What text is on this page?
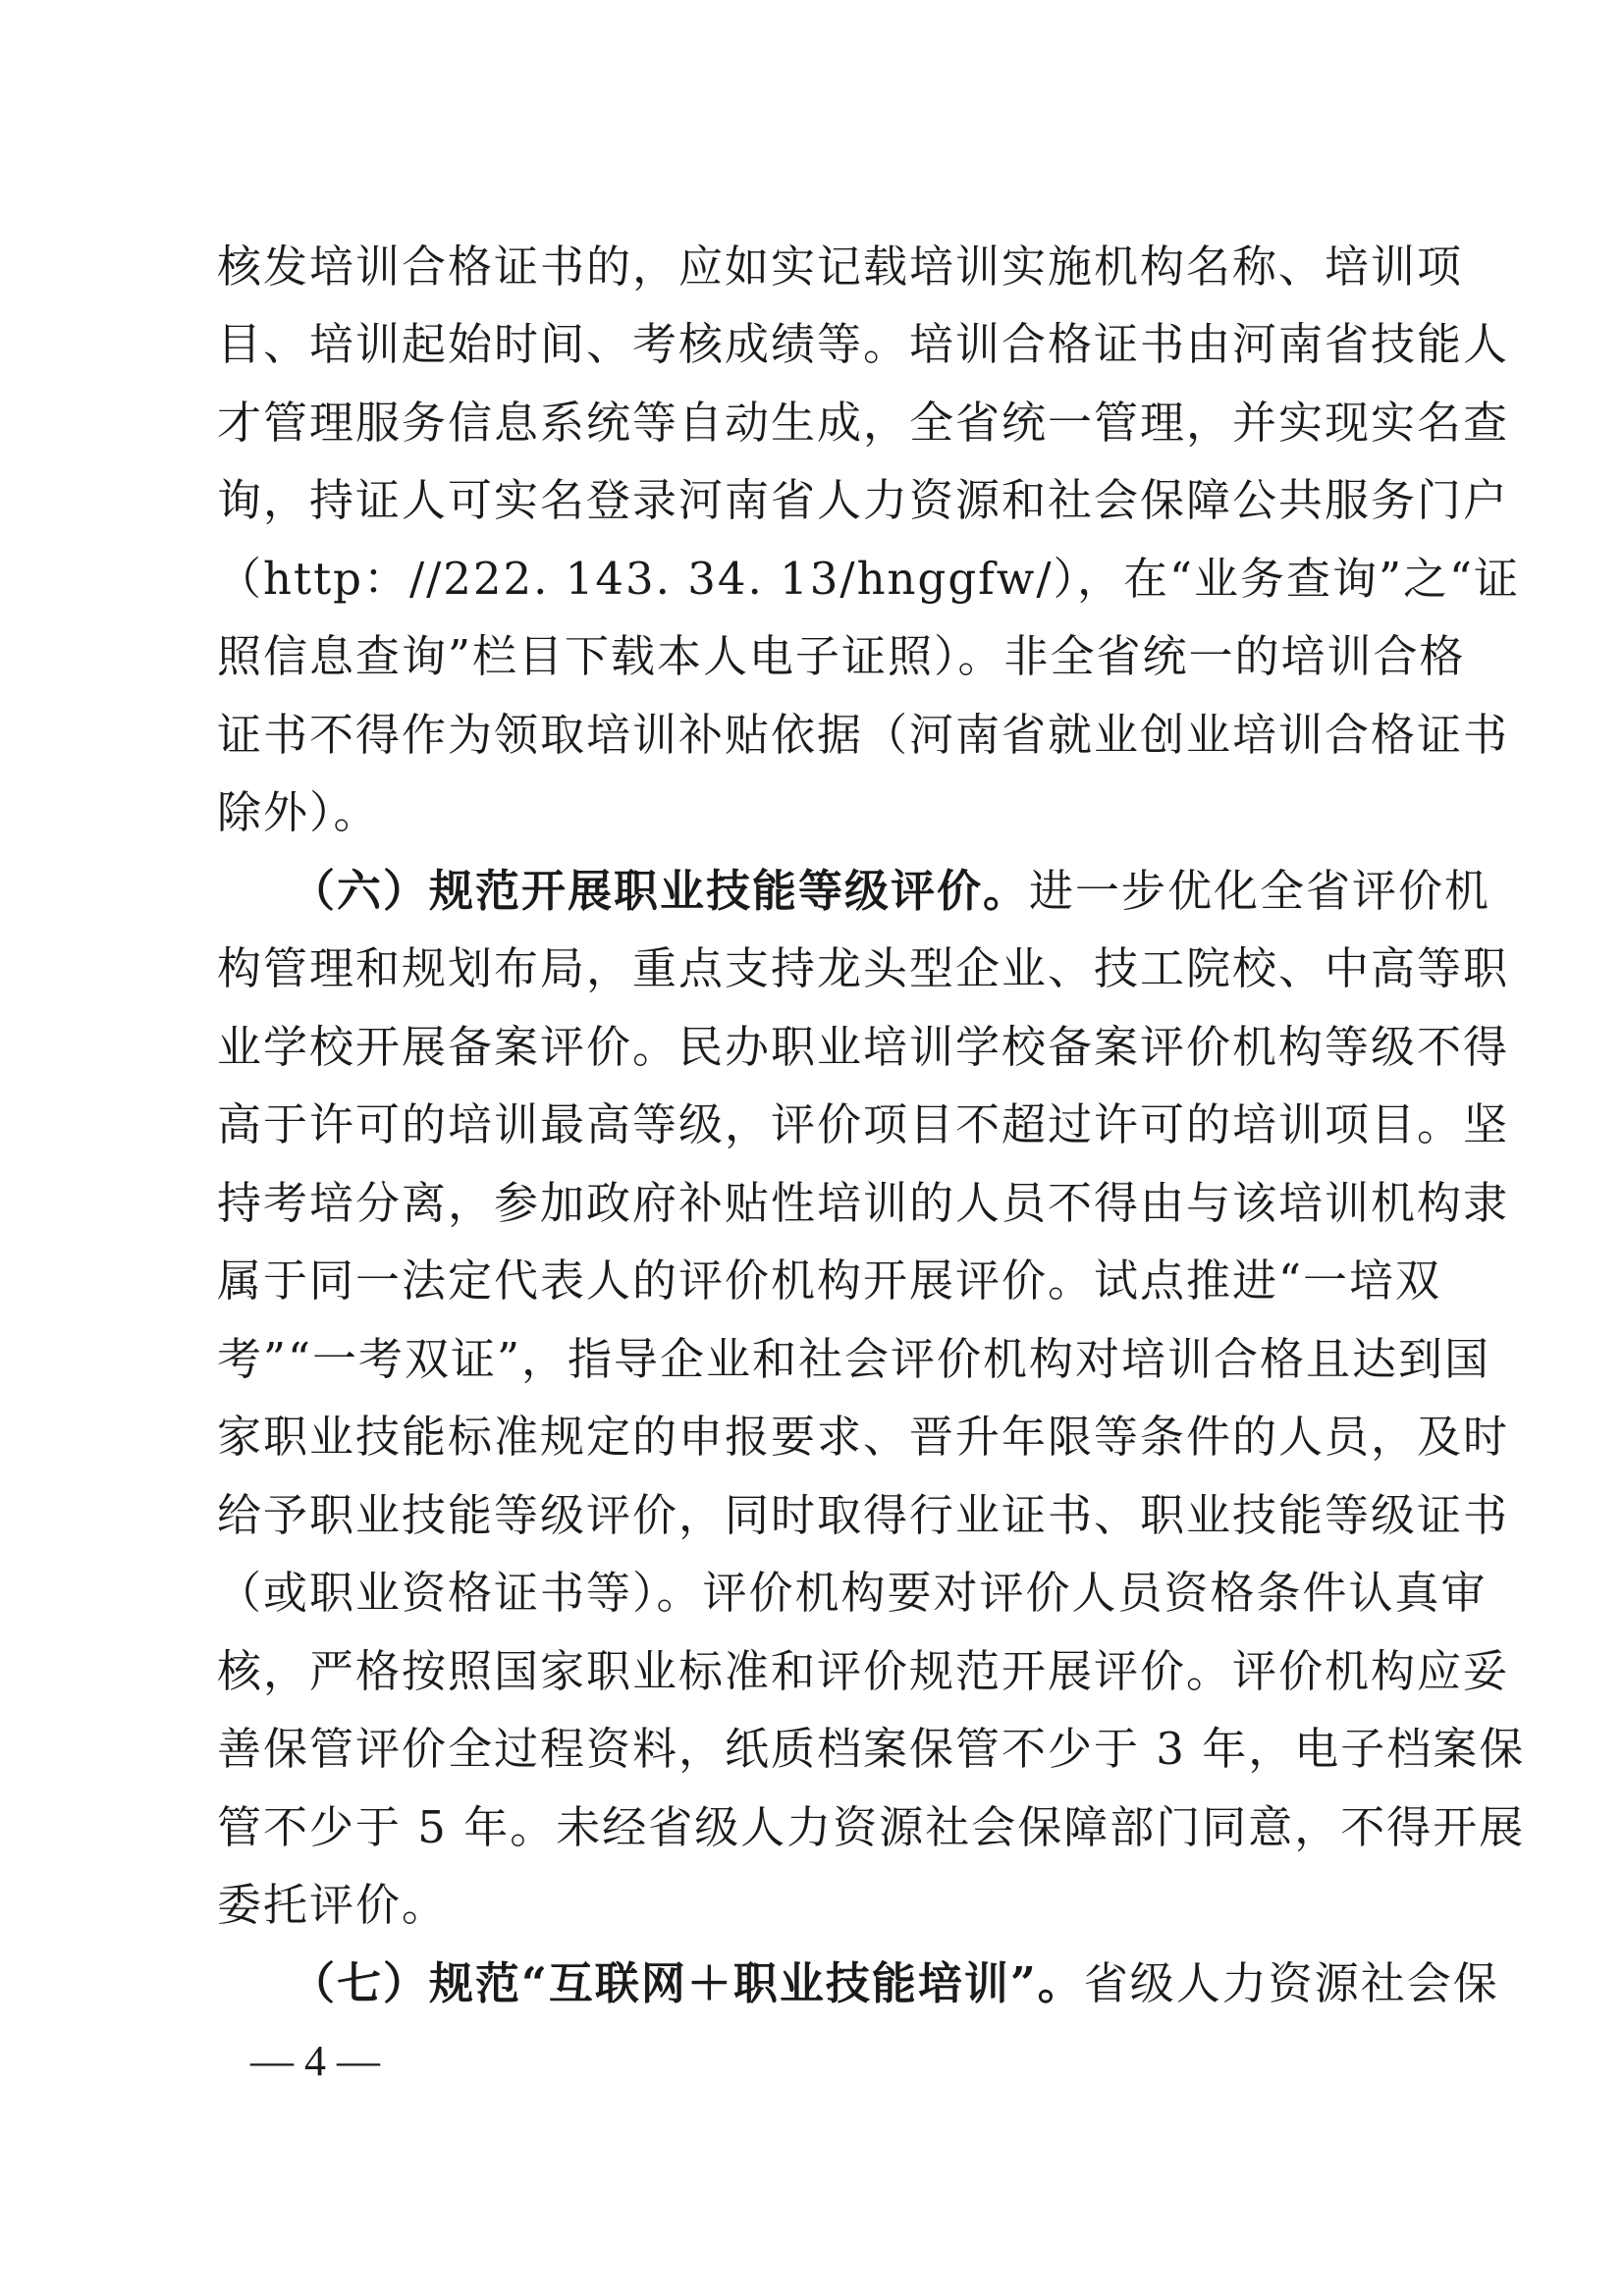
核发培训合格证书的，应如实记载培训实施机构名称、培训项
目、培训起始时间、考核成绩等。培训合格证书由河南省技能人
才管理服务信息系统等自动生成，全省统一管理，并实现实名查
询，持证人可实名登录河南省人力资源和社会保障公共服务门户
（http：//222. 143. 34. 13/hnggfw/），在“业务查询”之“证
照信息查询”栏目下载本人电子证照）。非全省统一的培训合格
证书不得作为领取培训补贴依据（河南省就业创业培训合格证书
除外）。
（六）规范开展职业技能等级评价。进一步优化全省评价机
构管理和规划布局，重点支持龙头型企业、技工院校、中高等职
业学校开展备案评价。民办职业培训学校备案评价机构等级不得
高于许可的培训最高等级，评价项目不超过许可的培训项目。坚
持考培分离，参加政府补贴性培训的人员不得由与该培训机构隶
属于同一法定代表人的评价机构开展评价。试点推进“一培双
考”“一考双证”，指导企业和社会评价机构对培训合格且达到国
家职业技能标准规定的申报要求、晋升年限等条件的人员，及时
给予职业技能等级评价，同时取得行业证书、职业技能等级证书
（或职业资格证书等）。评价机构要对评价人员资格条件认真审
核，严格按照国家职业标准和评价规范开展评价。评价机构应妥
善保管评价全过程资料，纸质档案保管不少于 3 年，电子档案保
管不少于 5 年。未经省级人力资源社会保障部门同意，不得开展
委托评价。
（七）规范“互联网＋职业技能培训”。省级人力资源社会保
— 4 —
